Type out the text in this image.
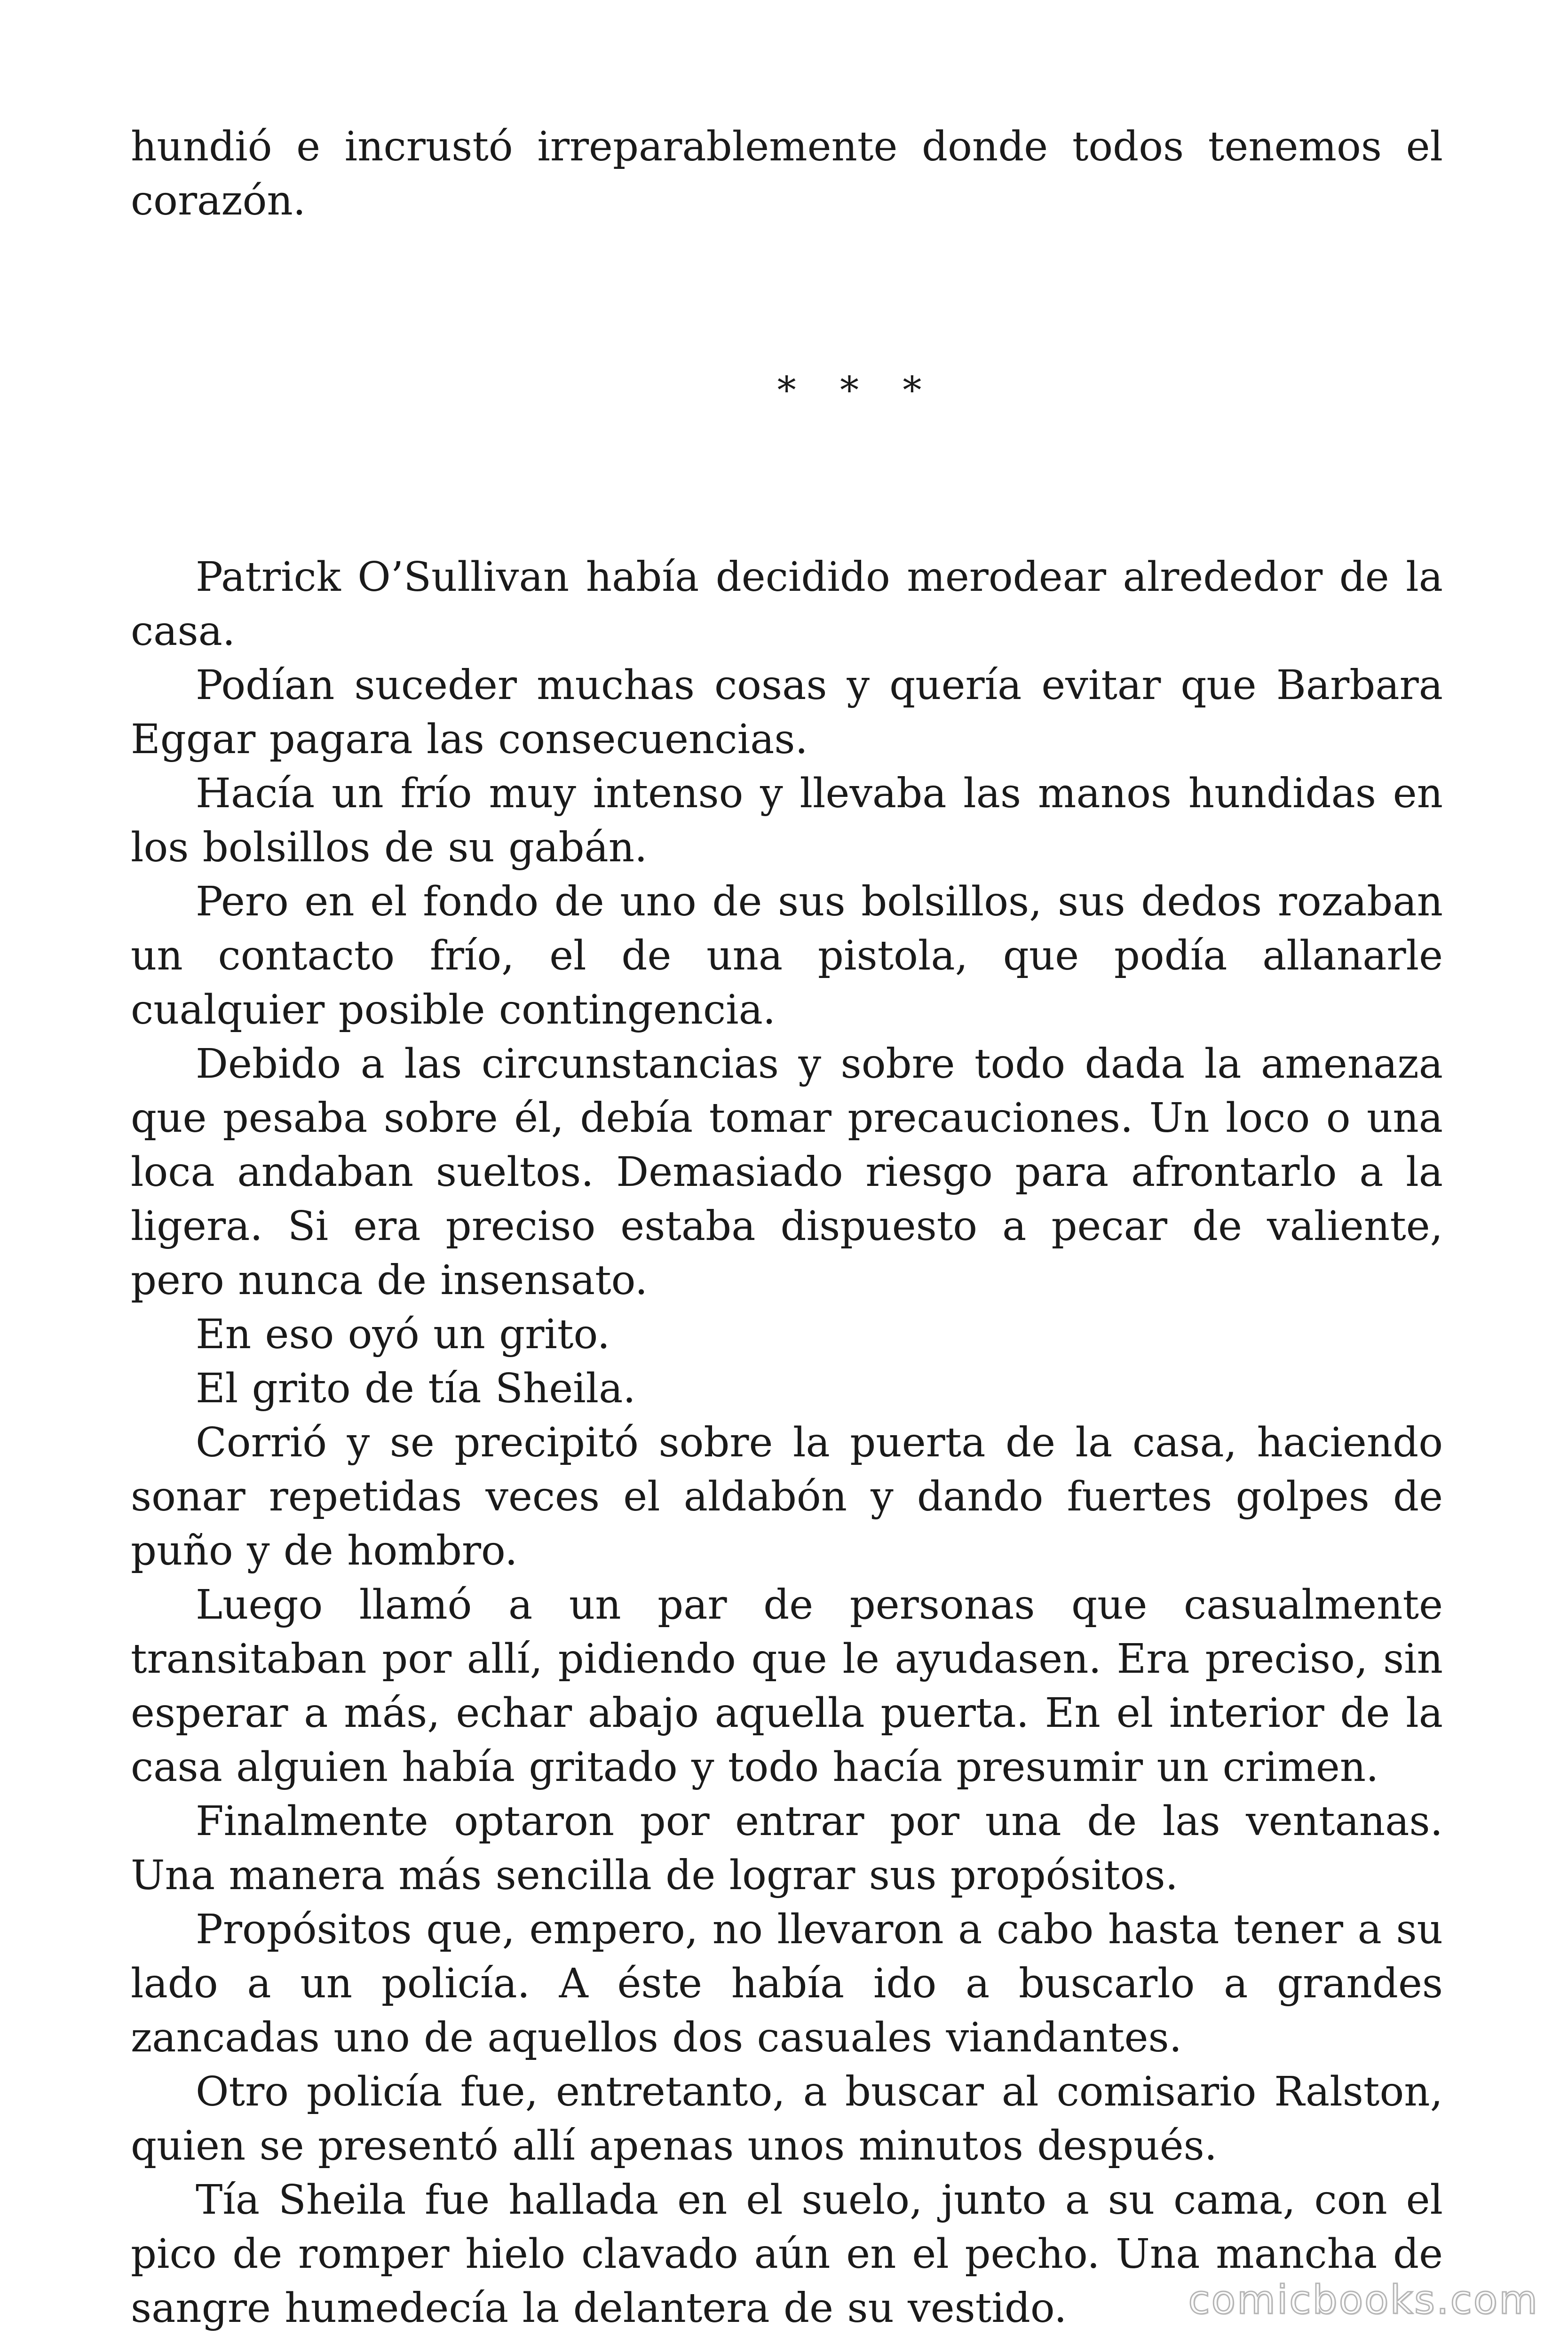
hundió e incrustó irreparablemente donde todos tenemos el corazón.

* * *

Patrick O’Sullivan había decidido merodear alrededor de la casa.

Podían suceder muchas cosas y quería evitar que Barbara Eggar pagara las consecuencias.

Hacía un frío muy intenso y llevaba las manos hundidas en los bolsillos de su gabán.

Pero en el fondo de uno de sus bolsillos, sus dedos rozaban un contacto frío, el de una pistola, que podía allanarle cualquier posible contingencia.

Debido a las circunstancias y sobre todo dada la amenaza que pesaba sobre él, debía tomar precauciones. Un loco o una loca andaban sueltos. Demasiado riesgo para afrontarlo a la ligera. Si era preciso estaba dispuesto a pecar de valiente, pero nunca de insensato.

En eso oyó un grito.

El grito de tía Sheila.

Corrió y se precipitó sobre la puerta de la casa, haciendo sonar repetidas veces el aldabón y dando fuertes golpes de puño y de hombro.

Luego llamó a un par de personas que casualmente transitaban por allí, pidiendo que le ayudasen. Era preciso, sin esperar a más, echar abajo aquella puerta. En el interior de la casa alguien había gritado y todo hacía presumir un crimen.

Finalmente optaron por entrar por una de las ventanas. Una manera más sencilla de lograr sus propósitos.

Propósitos que, empero, no llevaron a cabo hasta tener a su lado a un policía. A éste había ido a buscarlo a grandes zancadas uno de aquellos dos casuales viandantes.

Otro policía fue, entretanto, a buscar al comisario Ralston, quien se presentó allí apenas unos minutos después.

Tía Sheila fue hallada en el suelo, junto a su cama, con el pico de romper hielo clavado aún en el pecho. Una mancha de sangre humedecía la delantera de su vestido.	comicbooks.com
